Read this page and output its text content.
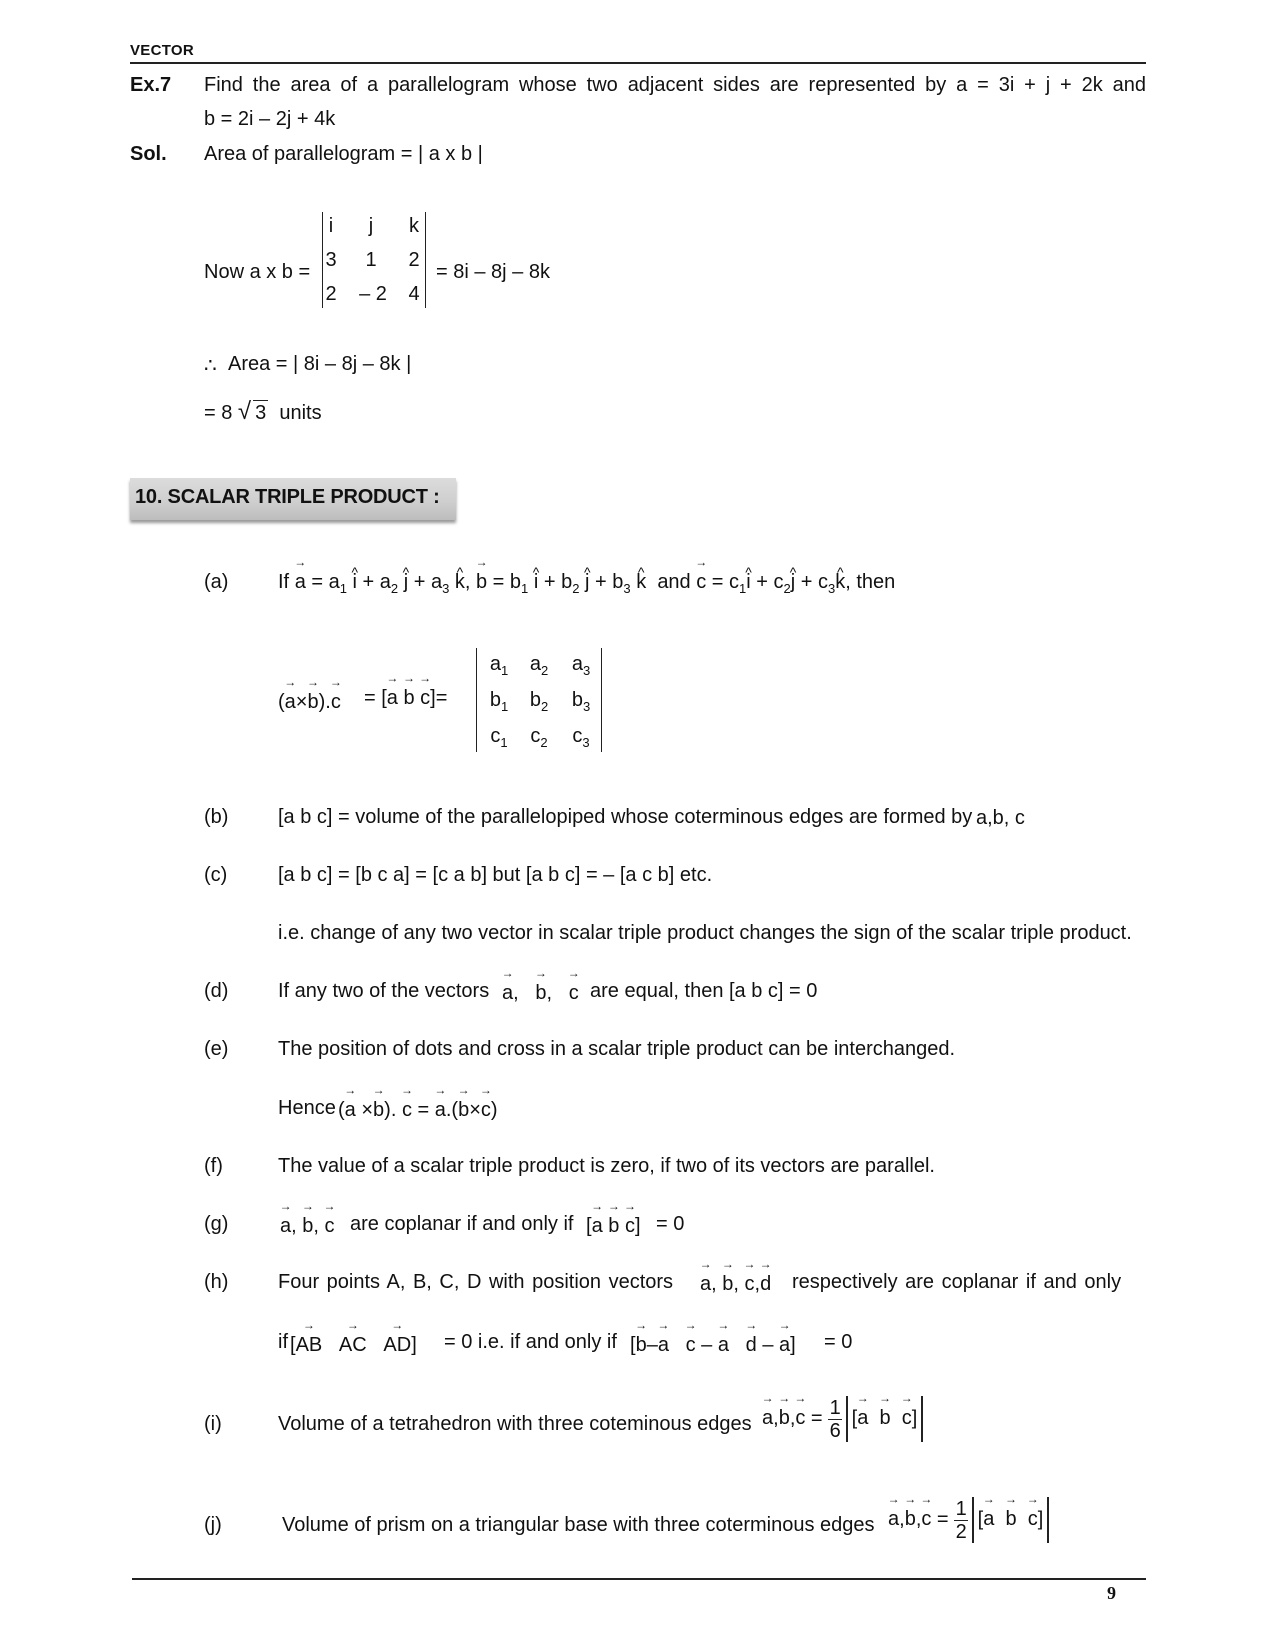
VECTOR
Ex.7 Find the area of a parallelogram whose two adjacent sides are represented by a = 3i + j + 2k and
b = 2i – 2j + 4k
Sol. Area of parallelogram = | a x b |
Now a x b =
i	j	k
3	1	2
2	– 2	4
= 8i – 8j – 8k
∴ Area = | 8i – 8j – 8k |
= 8 √ 3 units
10. SCALAR TRIPLE PRODUCT :
(a) $If \to a = a_1$ ^ $i + a_2$ ^ $j + a_3$ ^ k, → $b = b_1$ ^ $i + b_2$ ^ $j + b_3$ ^ k and → $c = c_1\^{}$ $i + c_2\^{}$ $j + c_3\^{}$ k, then
(→ a×→ b).→ c = [→ a → b → c]=
$a_1$	$a_2$	$a_3$
$b_1$	$b_2$	$b_3$
$c_1$	$c_2$	$c_3$
(b) [a b c] = volume of the parallelopiped whose coterminous edges are formed by a,b, c
(c)	[a b c] = [b c a] = [c a b] but [a b c] = – [a c b] etc.
i.e. change of any two vector in scalar triple product changes the sign of the scalar triple product.
(d) If any two of the vectors → a,   → b,   → c are equal, then [a b c] = 0
(e) The position of dots and cross in a scalar triple product can be interchanged.
Hence (→ a ×→ b). → c = → a.(→ b×→ c)
(f)	The value of a scalar triple product is zero, if two of its vectors are parallel.
(g)	→ a, → b, → c are coplanar if and only if [→ a → b → c] = 0
(h) Four points A, B, C, D with position vectors → a, → b, → c,→ d respectively are coplanar if and only
if [→ AB → AC → AD] = 0 i.e. if and only if [→ b–→ a → c – → a → d – → a] = 0
(i)	Volume of a tetrahedron with three coteminous edges → $a,\to b,\to c = \frac{1}{6}$ [→ a → b → c]
(j)	Volume of prism on a triangular base with three coterminous edges → $a,\to b,\to c = \frac{1}{2}$ [→ a → b → c]
9
